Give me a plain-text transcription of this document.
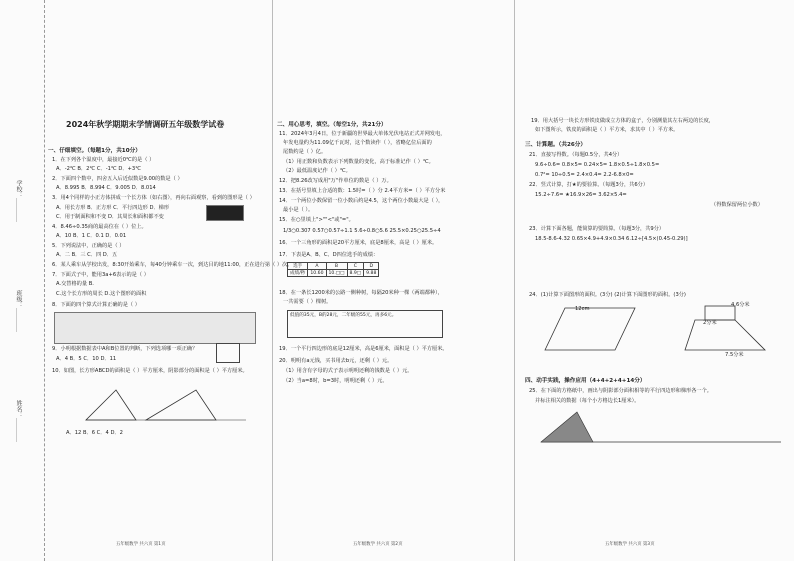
学校：＿＿＿＿
班级：＿＿＿＿
姓名：＿＿＿＿
2024年秋学期期末学情调研五年级数学试卷
一、仔细填空。（每题1分，共10分）
1．在下列各个温度中，最接近0℃的是（ ）
A．-2℃ B．2℃ C．-1℃ D．+3℃
2．下面四个数中，四舍五入后近似数是9.00的数是（ ）
A．8.995 B．8.994 C．9.005 D．8.014
3．用4个同样的小正方体拼成一个长方体（如右图），再向右面观察，看到的图形是（ ）
A．用长方形 B．正方形 C．平行四边形 D．梯形
C．用于制面积和不变 D．其周长和面积都不变
4．8.46÷0.35商的最高位在（ ）位上。
A．10 B．1 C．0.1 D．0.01
5．下列说法中，正确的是（ ）
A．二 B．三 C．四 D．五
6．某人乘车从学校出发，8:30开始乘车，每40分钟乘车一次，到达目的地11:00，正在进行第（ ）次。
7．下面式子中，能用3a+6表示的是（ ）
A.交替格的量 B.
C.这个长方形的周长 D.这个图形的面积
8．下面的四个算式计算正确的是（ ）
9．小明根据数据表中A和B位置的判断，下列选项哪一项正确？
A．4 B．5 C．10 D．11
10．如图，长方形ABCD的面积是（ ）平方厘米，阴影部分的面积是（ ）平方厘米。
A．12 B．6 C．4 D．2
五年级数学 共六页 第1页
二、用心思考，填空。（每空1分，共21分）
11．2024年3月4日，位于新疆的世界最大单体光伏电站正式并网发电，
年发电量约为11.09亿千瓦时，这个数读作（ ），省略亿位后面的
尾数约是（ ）亿。
（1）用正数和负数表示下列数量的变化，高于标准记作（ ）℃。
（2）最低温度记作（ ）℃。
12．把8.26改写成用"万"作单位的数是（ ）万。
13．在括号里填上合适的数：1.5时=（ ）分 2.4平方米=（ ）平方分米
14．一个两位小数保留一位小数后约是4.5，这个两位小数最大是（ ），
最小是（ ）。
15．在○里填上">""<"或"="。
1/3○0.307 0.57○0.57÷1.1 5.6÷0.8○5.6 25.5×0.25○25.5÷4
16．一个三角形的面积是20平方厘米，底是8厘米，高是（ ）厘米。
17．下表是A、B、C、D四位选手的成绩：
选手	A	B	C	D
成绩/秒	10.60	10.□□	8.9□	9.88
18．在一条长1200米的公路一侧种树，每隔20米种一棵（两端都种），
一共需要（ ）棵树。
低值的35元，B的28元，二年级的55元，再多6元。
19．一个平行四边形的底是12厘米，高是6厘米，面积是（ ）平方厘米。
20．明明有a元钱，买书用去b元，还剩（ ）元。
（1）用含有字母的式子表示明明还剩的钱数是（ ）元。
（2）当a=8时，b=3时，明明还剩（ ）元。
五年级数学 共六页 第2页
19．用大括号一块长方形铁皮做成立方体的盒子，分别测量其左右两边的长度，
如下图所示，铁皮的面积是（ ）平方米，求其中（ ）平方米。
三、计算题。（共26分）
21．直接写得数。（每题0.5分，共4分）
9.6÷0.6= 0.8×5= 0.24×5= 1.8×0.5÷1.8×0.5=
0.7²= 10÷0.5= 2.4×0.4= 2.2-6.8×0=
22．竖式计算，打★的要验算。（每题3分，共6分）
15.2÷7.6= ★16.9×26= 3.62×5.4=
（得数保留两位小数）
23．计算下面各题，能简算的要简算。（每题3分，共9分）
18.5-8.6-4.32 0.65×4.9+4.9×0.34 6.12÷[4.5×(0.45-0.29)]
24．(1)计算下面图形的面积。(3分) (2)计算下面图形的面积。(3分)
12cm
4.6分米
2分米
7.5分米
四、动手实践，操作应用（4+4+2+4+14分）
25．在下面的方格纸中，画出与阴影部分面积相等的平行四边形和梯形各一个。
并标注相关的数据（每个小方格边长1厘米）。
五年级数学 共六页 第3页
